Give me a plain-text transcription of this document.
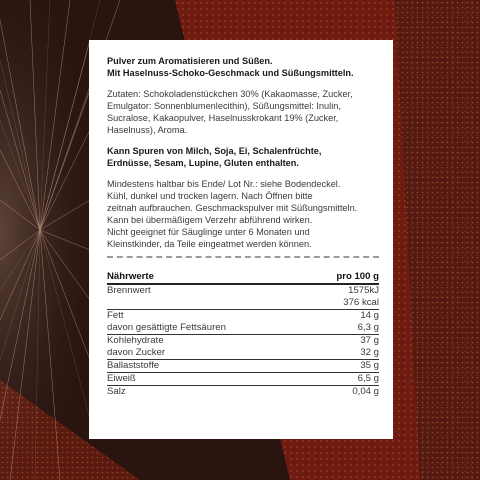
Pulver zum Aromatisieren und Süßen.

Mit Haselnuss-Schoko-Geschmack und Süßungsmitteln.

Zutaten: Schokoladenstückchen 30% (Kakaomasse, Zucker,

Emulgator: Sonnenblumenlecithin), Süßungsmittel: Inulin,

Sucralose, Kakaopulver, Haselnusskrokant 19% (Zucker,

Haselnuss), Aroma.

Kann Spuren von Milch, Soja, Ei, Schalenfrüchte,

Erdnüsse, Sesam, Lupine, Gluten enthalten.

Mindestens haltbar bis Ende/ Lot Nr.: siehe Bodendeckel.

Kühl, dunkel und trocken lagern. Nach Öffnen bitte

zeitnah aufbrauchen. Geschmackspulver mit Süßungsmitteln.

Kann bei übermäßigem Verzehr abführend wirken.

Nicht geeignet für Säuglinge unter 6 Monaten und

Kleinstkinder, da Teile eingeatmet werden können.

Nährwerte	pro 100 g
Brennwert	1575kJ
	376 kcal
Fett	14 g
davon gesättigte Fettsäuren	6,3 g
Kohlehydrate	37 g
davon Zucker	32 g
Ballaststoffe	35 g
Eiweiß	6,5 g
Salz	0,04 g
